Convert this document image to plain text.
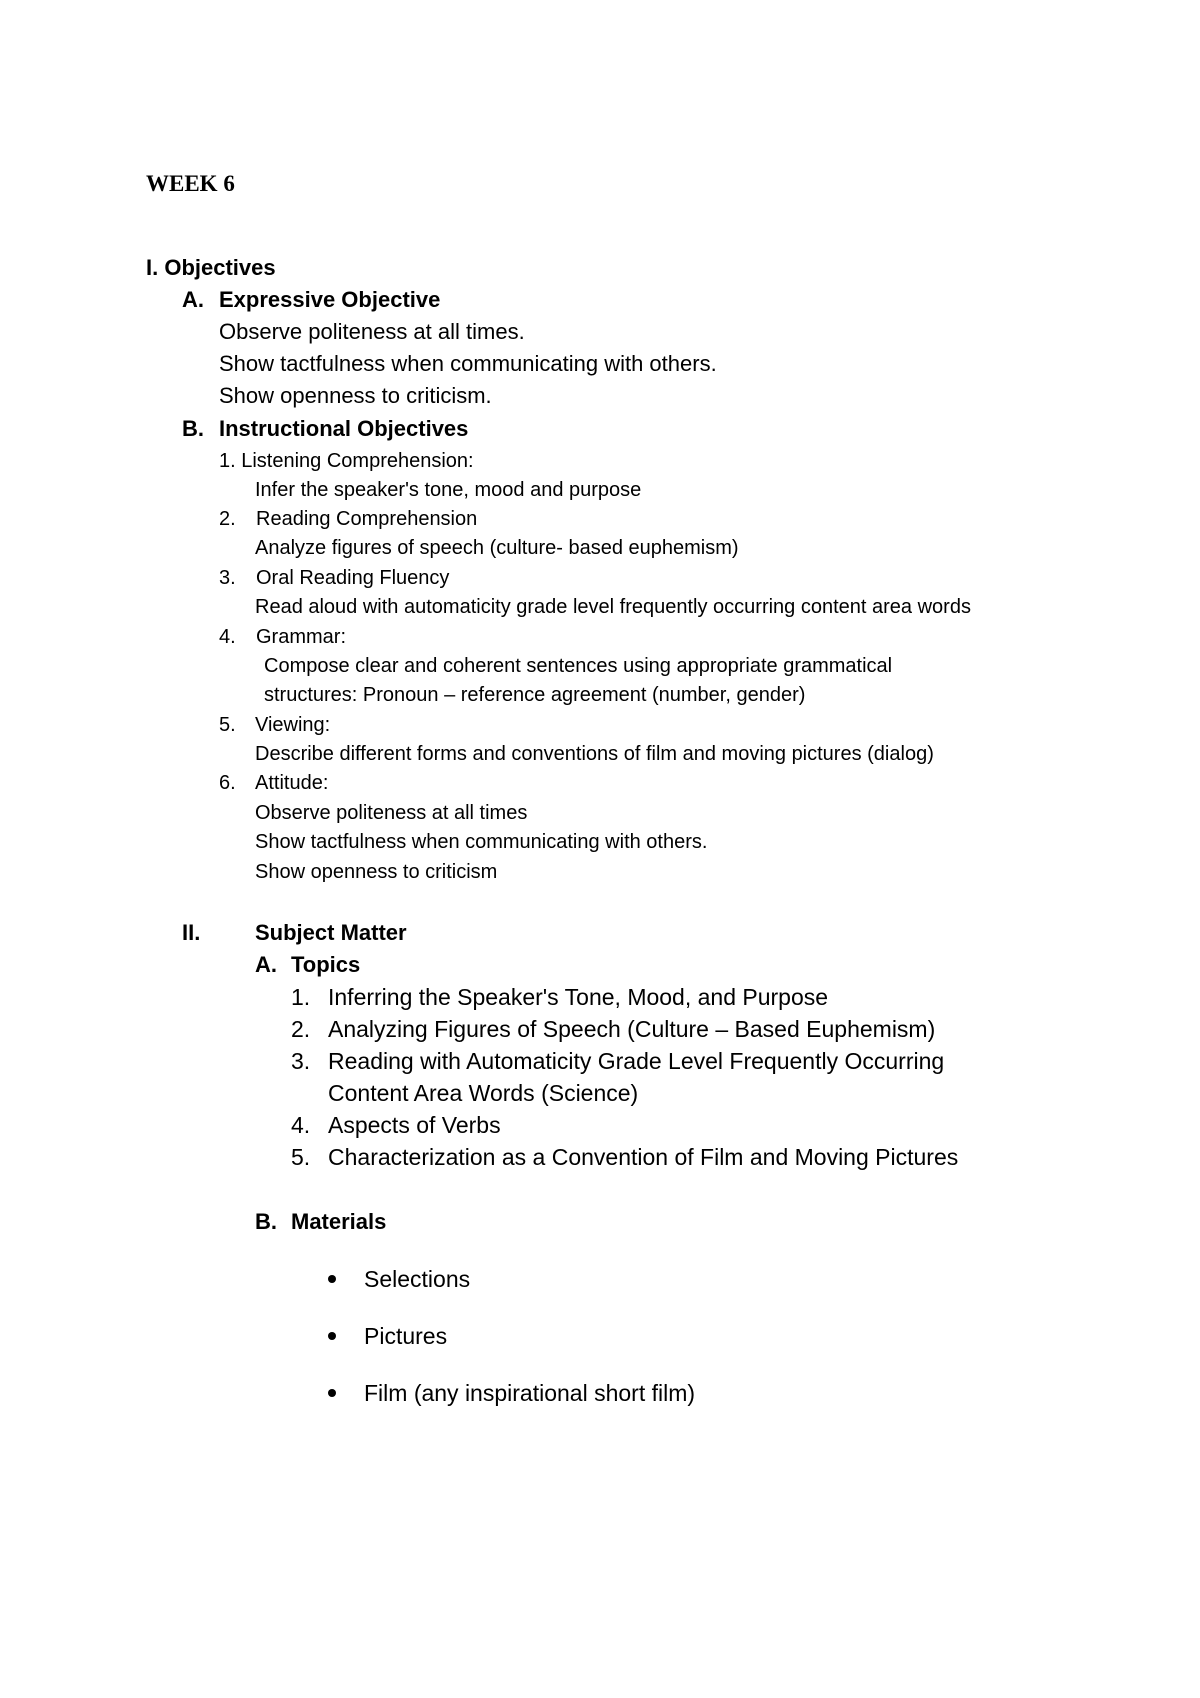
WEEK 6
I. Objectives
A. Expressive Objective
Observe politeness at all times.
Show tactfulness when communicating with others.
Show openness to criticism.
B. Instructional Objectives
1. Listening Comprehension:
Infer the speaker's tone, mood and purpose
2. Reading Comprehension
Analyze figures of speech (culture- based euphemism)
3. Oral Reading Fluency
Read aloud with automaticity grade level frequently occurring content area words
4. Grammar:
Compose clear and coherent sentences using appropriate grammatical
structures: Pronoun – reference agreement (number, gender)
5. Viewing:
Describe different forms and conventions of film and moving pictures (dialog)
6. Attitude:
Observe politeness at all times
Show tactfulness when communicating with others.
Show openness to criticism
II. Subject Matter
A. Topics
1. Inferring the Speaker's Tone, Mood, and Purpose
2. Analyzing Figures of Speech (Culture – Based Euphemism)
3. Reading with Automaticity Grade Level Frequently Occurring
Content Area Words (Science)
4. Aspects of Verbs
5. Characterization as a Convention of Film and Moving Pictures
B. Materials
Selections
Pictures
Film (any inspirational short film)
